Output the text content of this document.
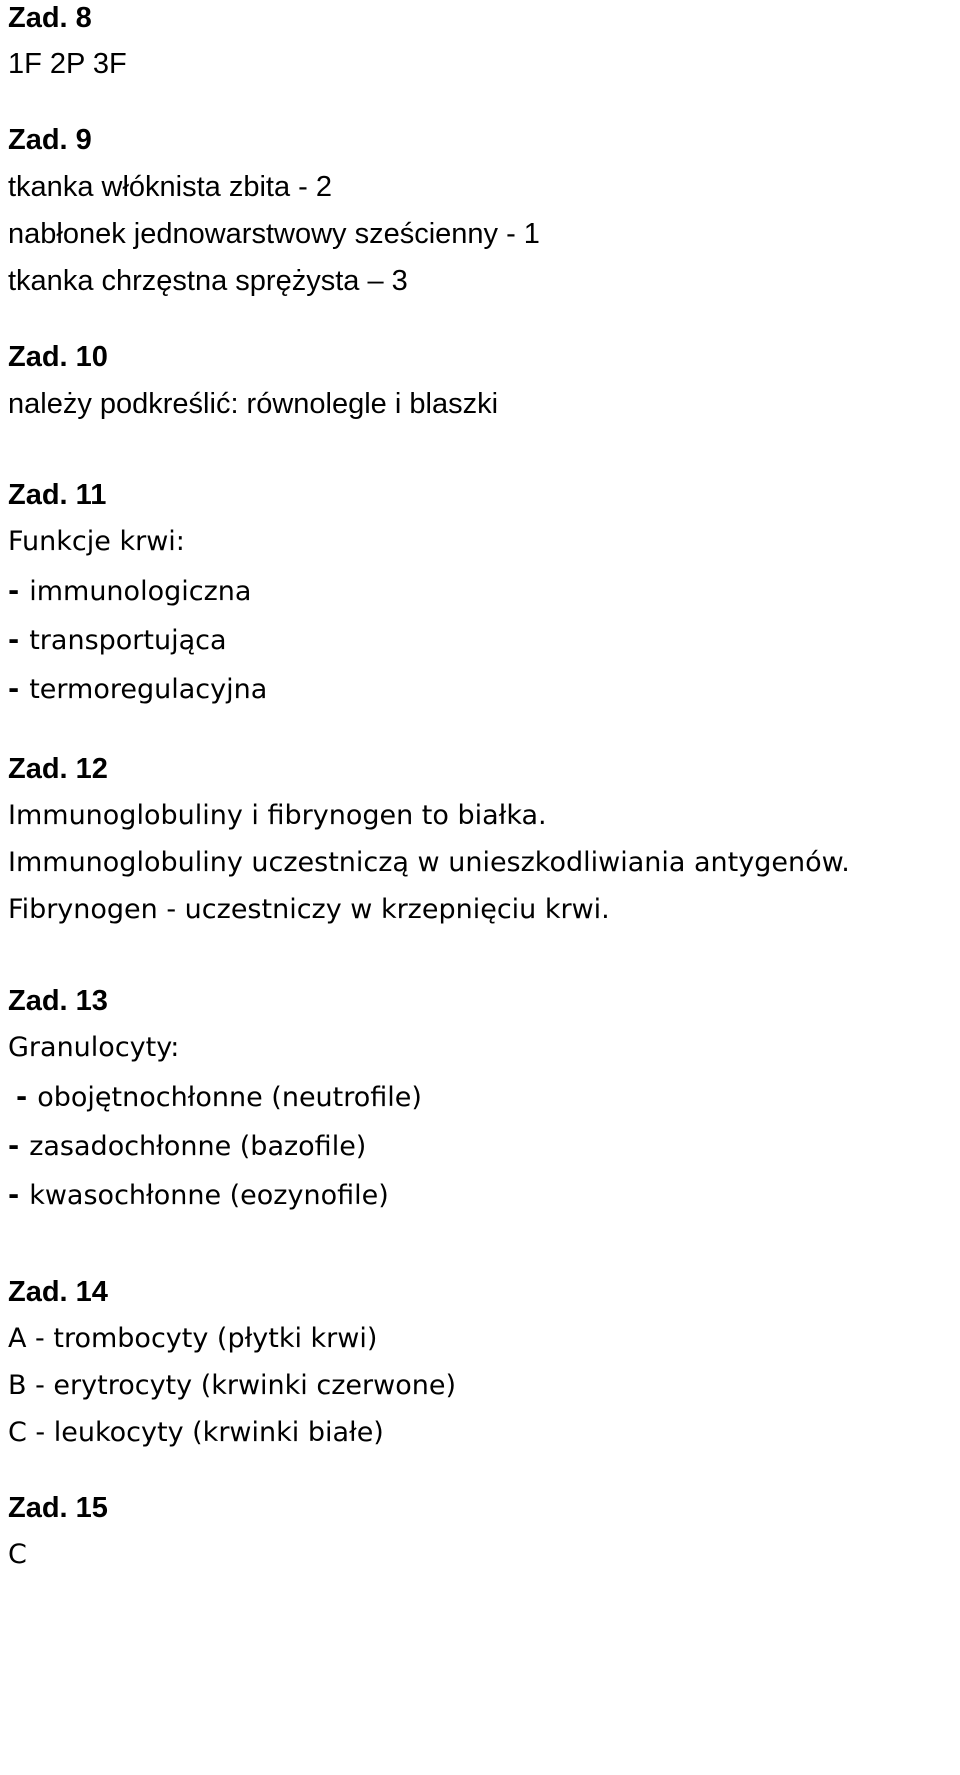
Zad. 8
1F 2P 3F
Zad. 9
tkanka włóknista zbita - 2
nabłonek jednowarstwowy sześcienny - 1
tkanka chrzęstna sprężysta – 3
Zad. 10
należy podkreślić: równolegle i blaszki
Zad. 11
Funkcje krwi:
- immunologiczna
- transportująca
- termoregulacyjna
Zad. 12
Immunoglobuliny i fibrynogen to białka.
Immunoglobuliny uczestniczą w unieszkodliwiania antygenów.
Fibrynogen - uczestniczy w krzepnięciu krwi.
Zad. 13
Granulocyty:
- obojętnochłonne (neutrofile)
- zasadochłonne (bazofile)
- kwasochłonne (eozynofile)
Zad. 14
A - trombocyty (płytki krwi)
B - erytrocyty (krwinki czerwone)
C - leukocyty (krwinki białe)
Zad. 15
C
